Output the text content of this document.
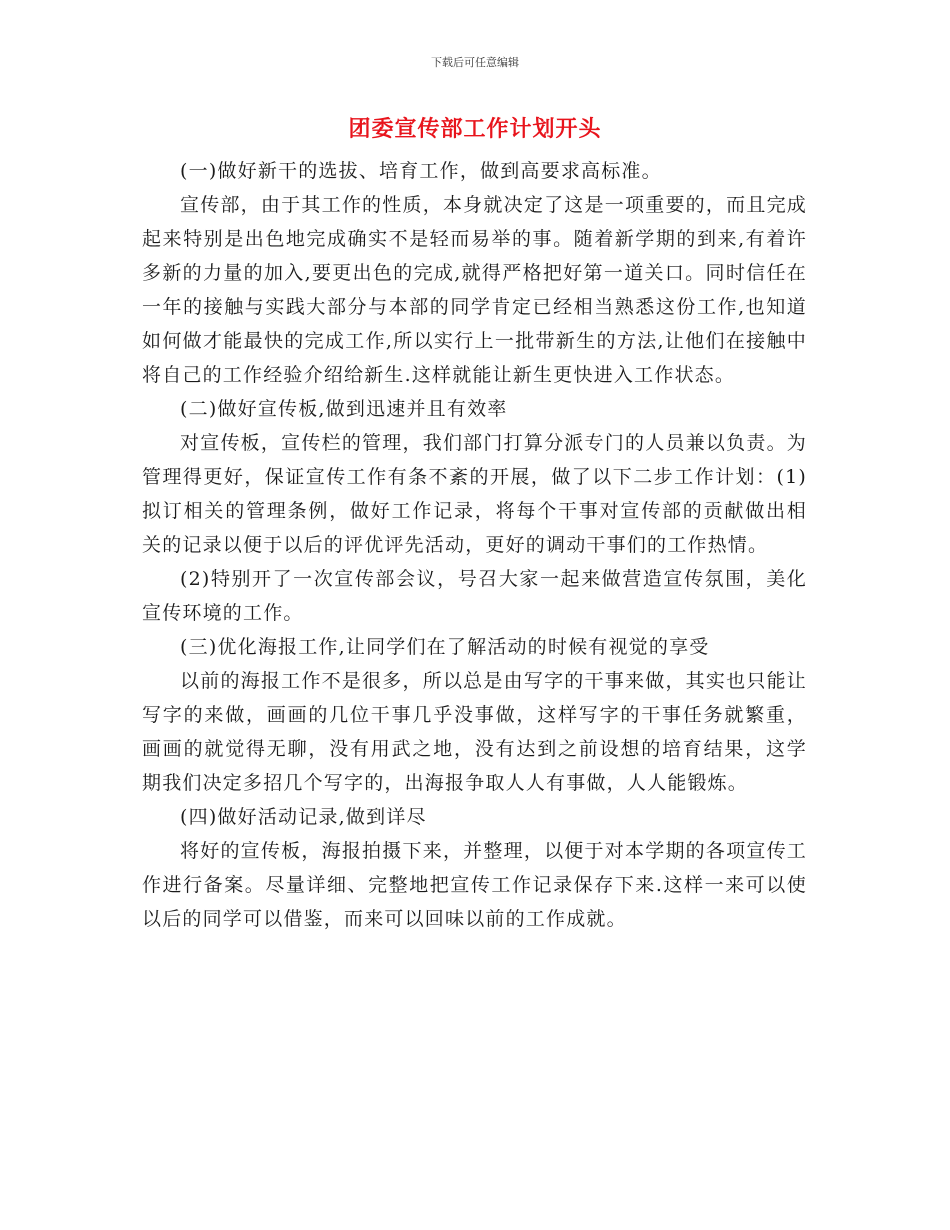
下载后可任意编辑
团委宣传部工作计划开头

(一)做好新干的选拔、培育工作，做到高要求高标准。

宣传部，由于其工作的性质，本身就决定了这是一项重要的，而且完成起来特别是出色地完成确实不是轻而易举的事。随着新学期的到来,有着许多新的力量的加入,要更出色的完成,就得严格把好第一道关口。同时信任在一年的接触与实践大部分与本部的同学肯定已经相当熟悉这份工作,也知道如何做才能最快的完成工作,所以实行上一批带新生的方法,让他们在接触中将自己的工作经验介绍给新生.这样就能让新生更快进入工作状态。

(二)做好宣传板,做到迅速并且有效率

对宣传板，宣传栏的管理，我们部门打算分派专门的人员兼以负责。为管理得更好，保证宣传工作有条不紊的开展，做了以下二步工作计划：(1)拟订相关的管理条例，做好工作记录，将每个干事对宣传部的贡献做出相关的记录以便于以后的评优评先活动，更好的调动干事们的工作热情。

(2)特别开了一次宣传部会议，号召大家一起来做营造宣传氛围，美化宣传环境的工作。

(三)优化海报工作,让同学们在了解活动的时候有视觉的享受

以前的海报工作不是很多，所以总是由写字的干事来做，其实也只能让写字的来做，画画的几位干事几乎没事做，这样写字的干事任务就繁重，画画的就觉得无聊，没有用武之地，没有达到之前设想的培育结果，这学期我们决定多招几个写字的，出海报争取人人有事做，人人能锻炼。

(四)做好活动记录,做到详尽

将好的宣传板，海报拍摄下来，并整理，以便于对本学期的各项宣传工作进行备案。尽量详细、完整地把宣传工作记录保存下来.这样一来可以使以后的同学可以借鉴，而来可以回味以前的工作成就。
